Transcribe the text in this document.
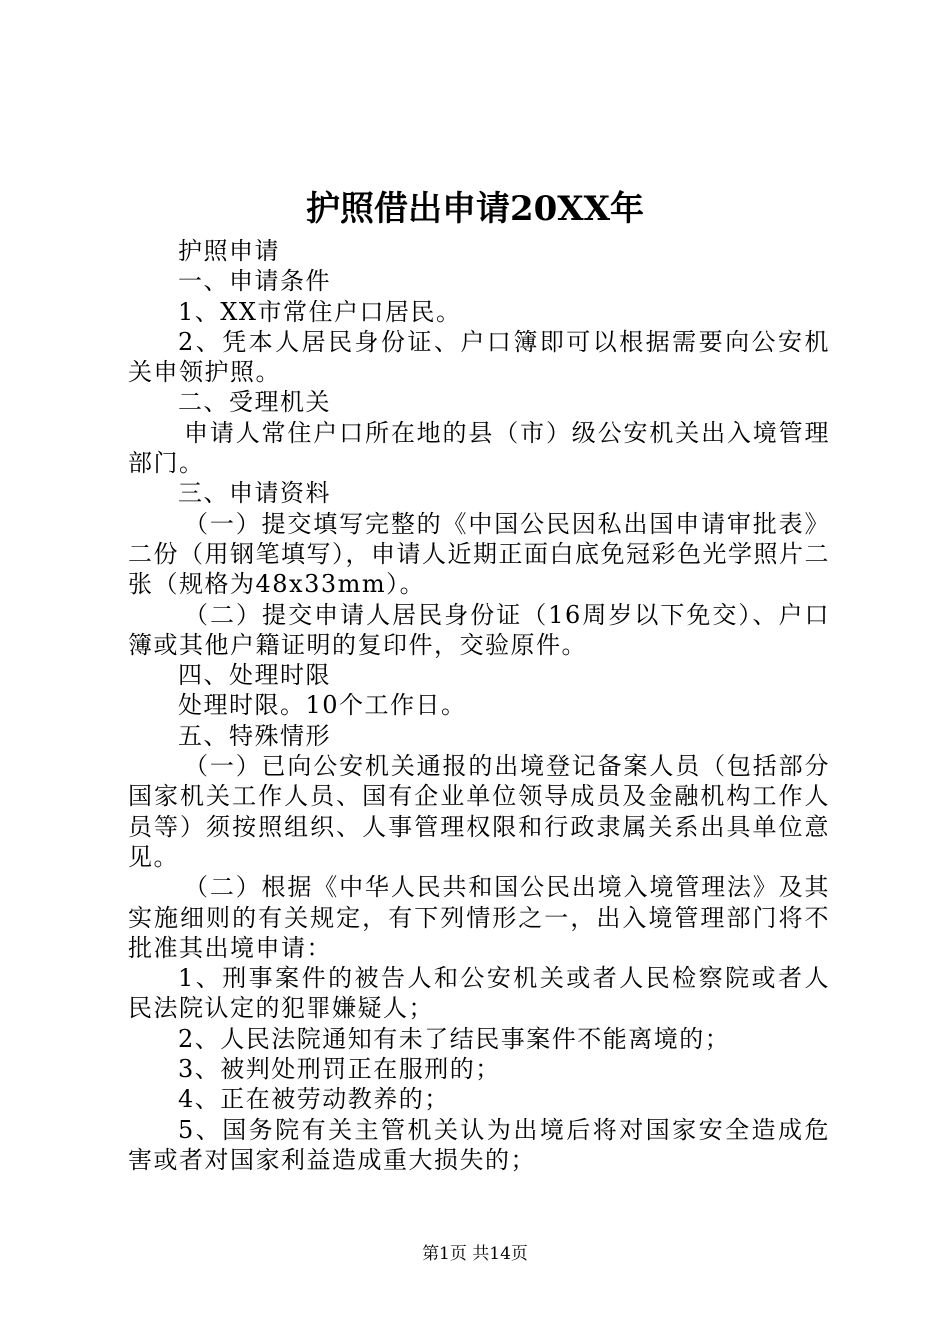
护照借出申请20XX年

护照申请

一、申请条件

1、XX市常住户口居民。

2、凭本人居民身份证、户口簿即可以根据需要向公安机关申领护照。

二、受理机关

申请人常住户口所在地的县（市）级公安机关出入境管理部门。

三、申请资料

（一）提交填写完整的《中国公民因私出国申请审批表》二份（用钢笔填写），申请人近期正面白底免冠彩色光学照片二张（规格为48x33mm）。

（二）提交申请人居民身份证（16周岁以下免交）、户口簿或其他户籍证明的复印件，交验原件。

四、处理时限

处理时限。10个工作日。

五、特殊情形

（一）已向公安机关通报的出境登记备案人员（包括部分国家机关工作人员、国有企业单位领导成员及金融机构工作人员等）须按照组织、人事管理权限和行政隶属关系出具单位意见。

（二）根据《中华人民共和国公民出境入境管理法》及其实施细则的有关规定，有下列情形之一，出入境管理部门将不批准其出境申请：

1、刑事案件的被告人和公安机关或者人民检察院或者人民法院认定的犯罪嫌疑人；

2、人民法院通知有未了结民事案件不能离境的；

3、被判处刑罚正在服刑的；

4、正在被劳动教养的；

5、国务院有关主管机关认为出境后将对国家安全造成危害或者对国家利益造成重大损失的；

第1页 共14页
